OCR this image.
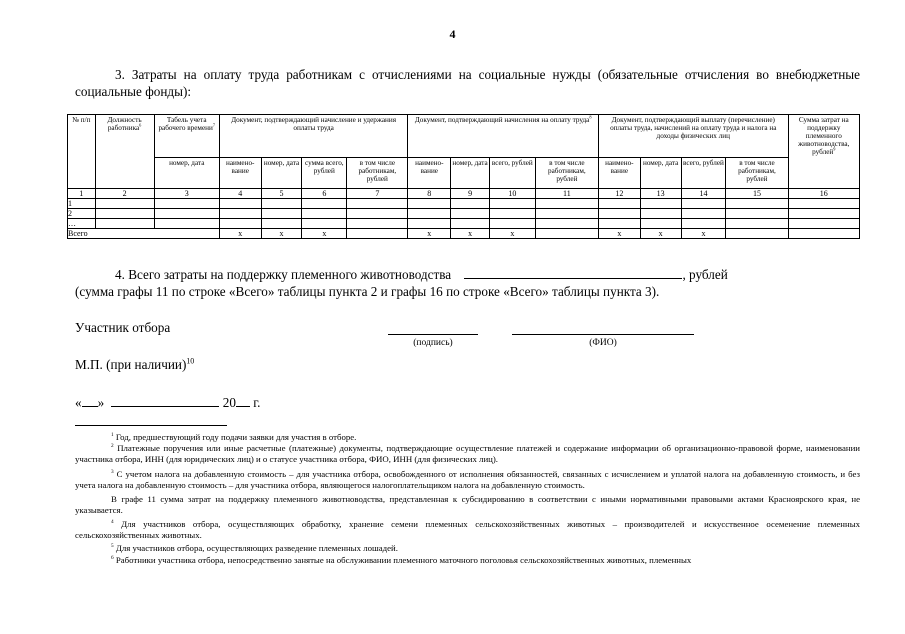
4
3. Затраты на оплату труда работникам с отчислениями на социальные нужды (обязательные отчисления во внебюджетные социальные фонды):
№ п/п	Должность работника$^6$	Табель учета рабочего времени$^7$	Документ, подтверждающий начисление и удержания оплаты труда				Документ, подтверждающий начисления на оплату труда$^8$				Документ, подтверждающий выплату (перечисление) оплаты труда, начислений на оплату труда и налога на доходы физических лиц				Сумма затрат на поддержку племенного животноводства, рублей$^9$
		номер, дата	наимено-вание	номер, дата	сумма всего, рублей	в том числе работникам, рублей	наимено-вание	номер, дата	всего, рублей	в том числе работникам, рублей	наимено-вание	номер, дата	всего, рублей	в том числе работникам, рублей	
1	2	3	4	5	6	7	8	9	10	11	12	13	14	15	16
1															
2															
…															
Всего			x	x	x		x	x	x		x	x	x		
4. Всего затраты на поддержку племенного животноводства	, рублей
(сумма графы 11 по строке «Всего» таблицы пункта 2 и графы 16 по строке «Всего» таблицы пункта 3).
Участник отбора
(подпись)	(ФИО)
М.П. (при наличии)$^{10}$
« »	20 г.
$^1$ Год, предшествующий году подачи заявки для участия в отборе.
$^2$ Платежные поручения или иные расчетные (платежные) документы, подтверждающие осуществление платежей и содержание информации об организационно-правовой форме, наименовании участника отбора, ИНН (для юридических лиц) и о статусе участника отбора, ФИО, ИНН (для физических лиц).
$^3$ С учетом налога на добавленную стоимость – для участника отбора, освобожденного от исполнения обязанностей, связанных с исчислением и уплатой налога на добавленную стоимость, и без учета налога на добавленную стоимость – для участника отбора, являющегося налогоплательщиком налога на добавленную стоимость.
В графе 11 сумма затрат на поддержку племенного животноводства, представленная к субсидированию в соответствии с иными нормативными правовыми актами Красноярского края, не указывается.
$^4$ Для участников отбора, осуществляющих обработку, хранение семени племенных сельскохозяйственных животных – производителей и искусственное осеменение племенных сельскохозяйственных животных.
$^5$ Для участников отбора, осуществляющих разведение племенных лошадей.
$^6$ Работники участника отбора, непосредственно занятые на обслуживании племенного маточного поголовья сельскохозяйственных животных, племенных
